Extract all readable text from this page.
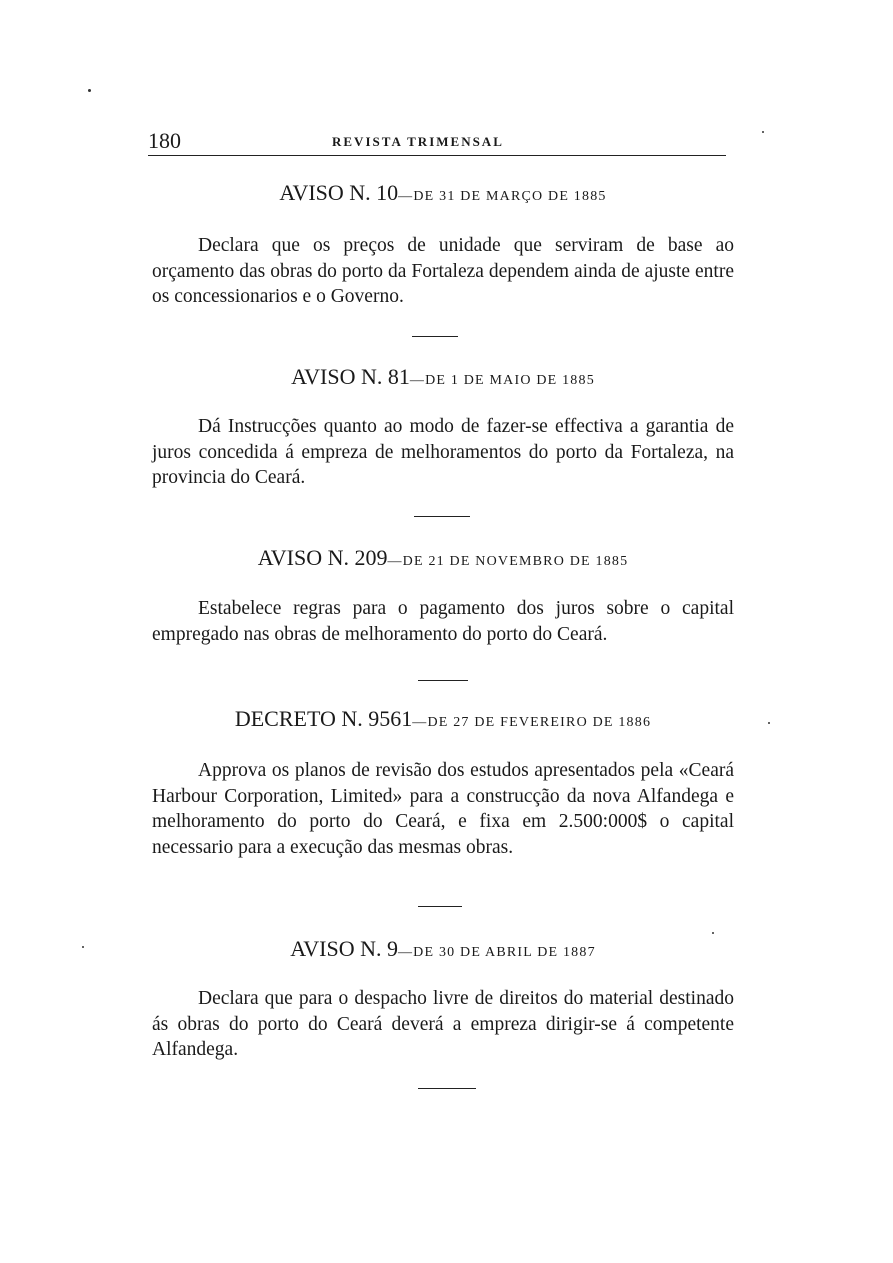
180	REVISTA TRIMENSAL
AVISO N. 10—DE 31 DE MARÇO DE 1885
Declara que os preços de unidade que serviram de base ao orçamento das obras do porto da Fortaleza dependem ainda de ajuste entre os concessionarios e o Governo.
AVISO N. 81—DE 1 DE MAIO DE 1885
Dá Instrucções quanto ao modo de fazer-se effectiva a garantia de juros concedida á empreza de melhoramentos do porto da Fortaleza, na provincia do Ceará.
AVISO N. 209—DE 21 DE NOVEMBRO DE 1885
Estabelece regras para o pagamento dos juros sobre o capital empregado nas obras de melhoramento do porto do Ceará.
DECRETO N. 9561—DE 27 DE FEVEREIRO DE 1886
Approva os planos de revisão dos estudos apresentados pela «Ceará Harbour Corporation, Limited» para a construcção da nova Alfandega e melhoramento do porto do Ceará, e fixa em 2.500:000$ o capital necessario para a execução das mesmas obras.
AVISO N. 9—DE 30 DE ABRIL DE 1887
Declara que para o despacho livre de direitos do material destinado ás obras do porto do Ceará deverá a empreza dirigir-se á competente Alfandega.
